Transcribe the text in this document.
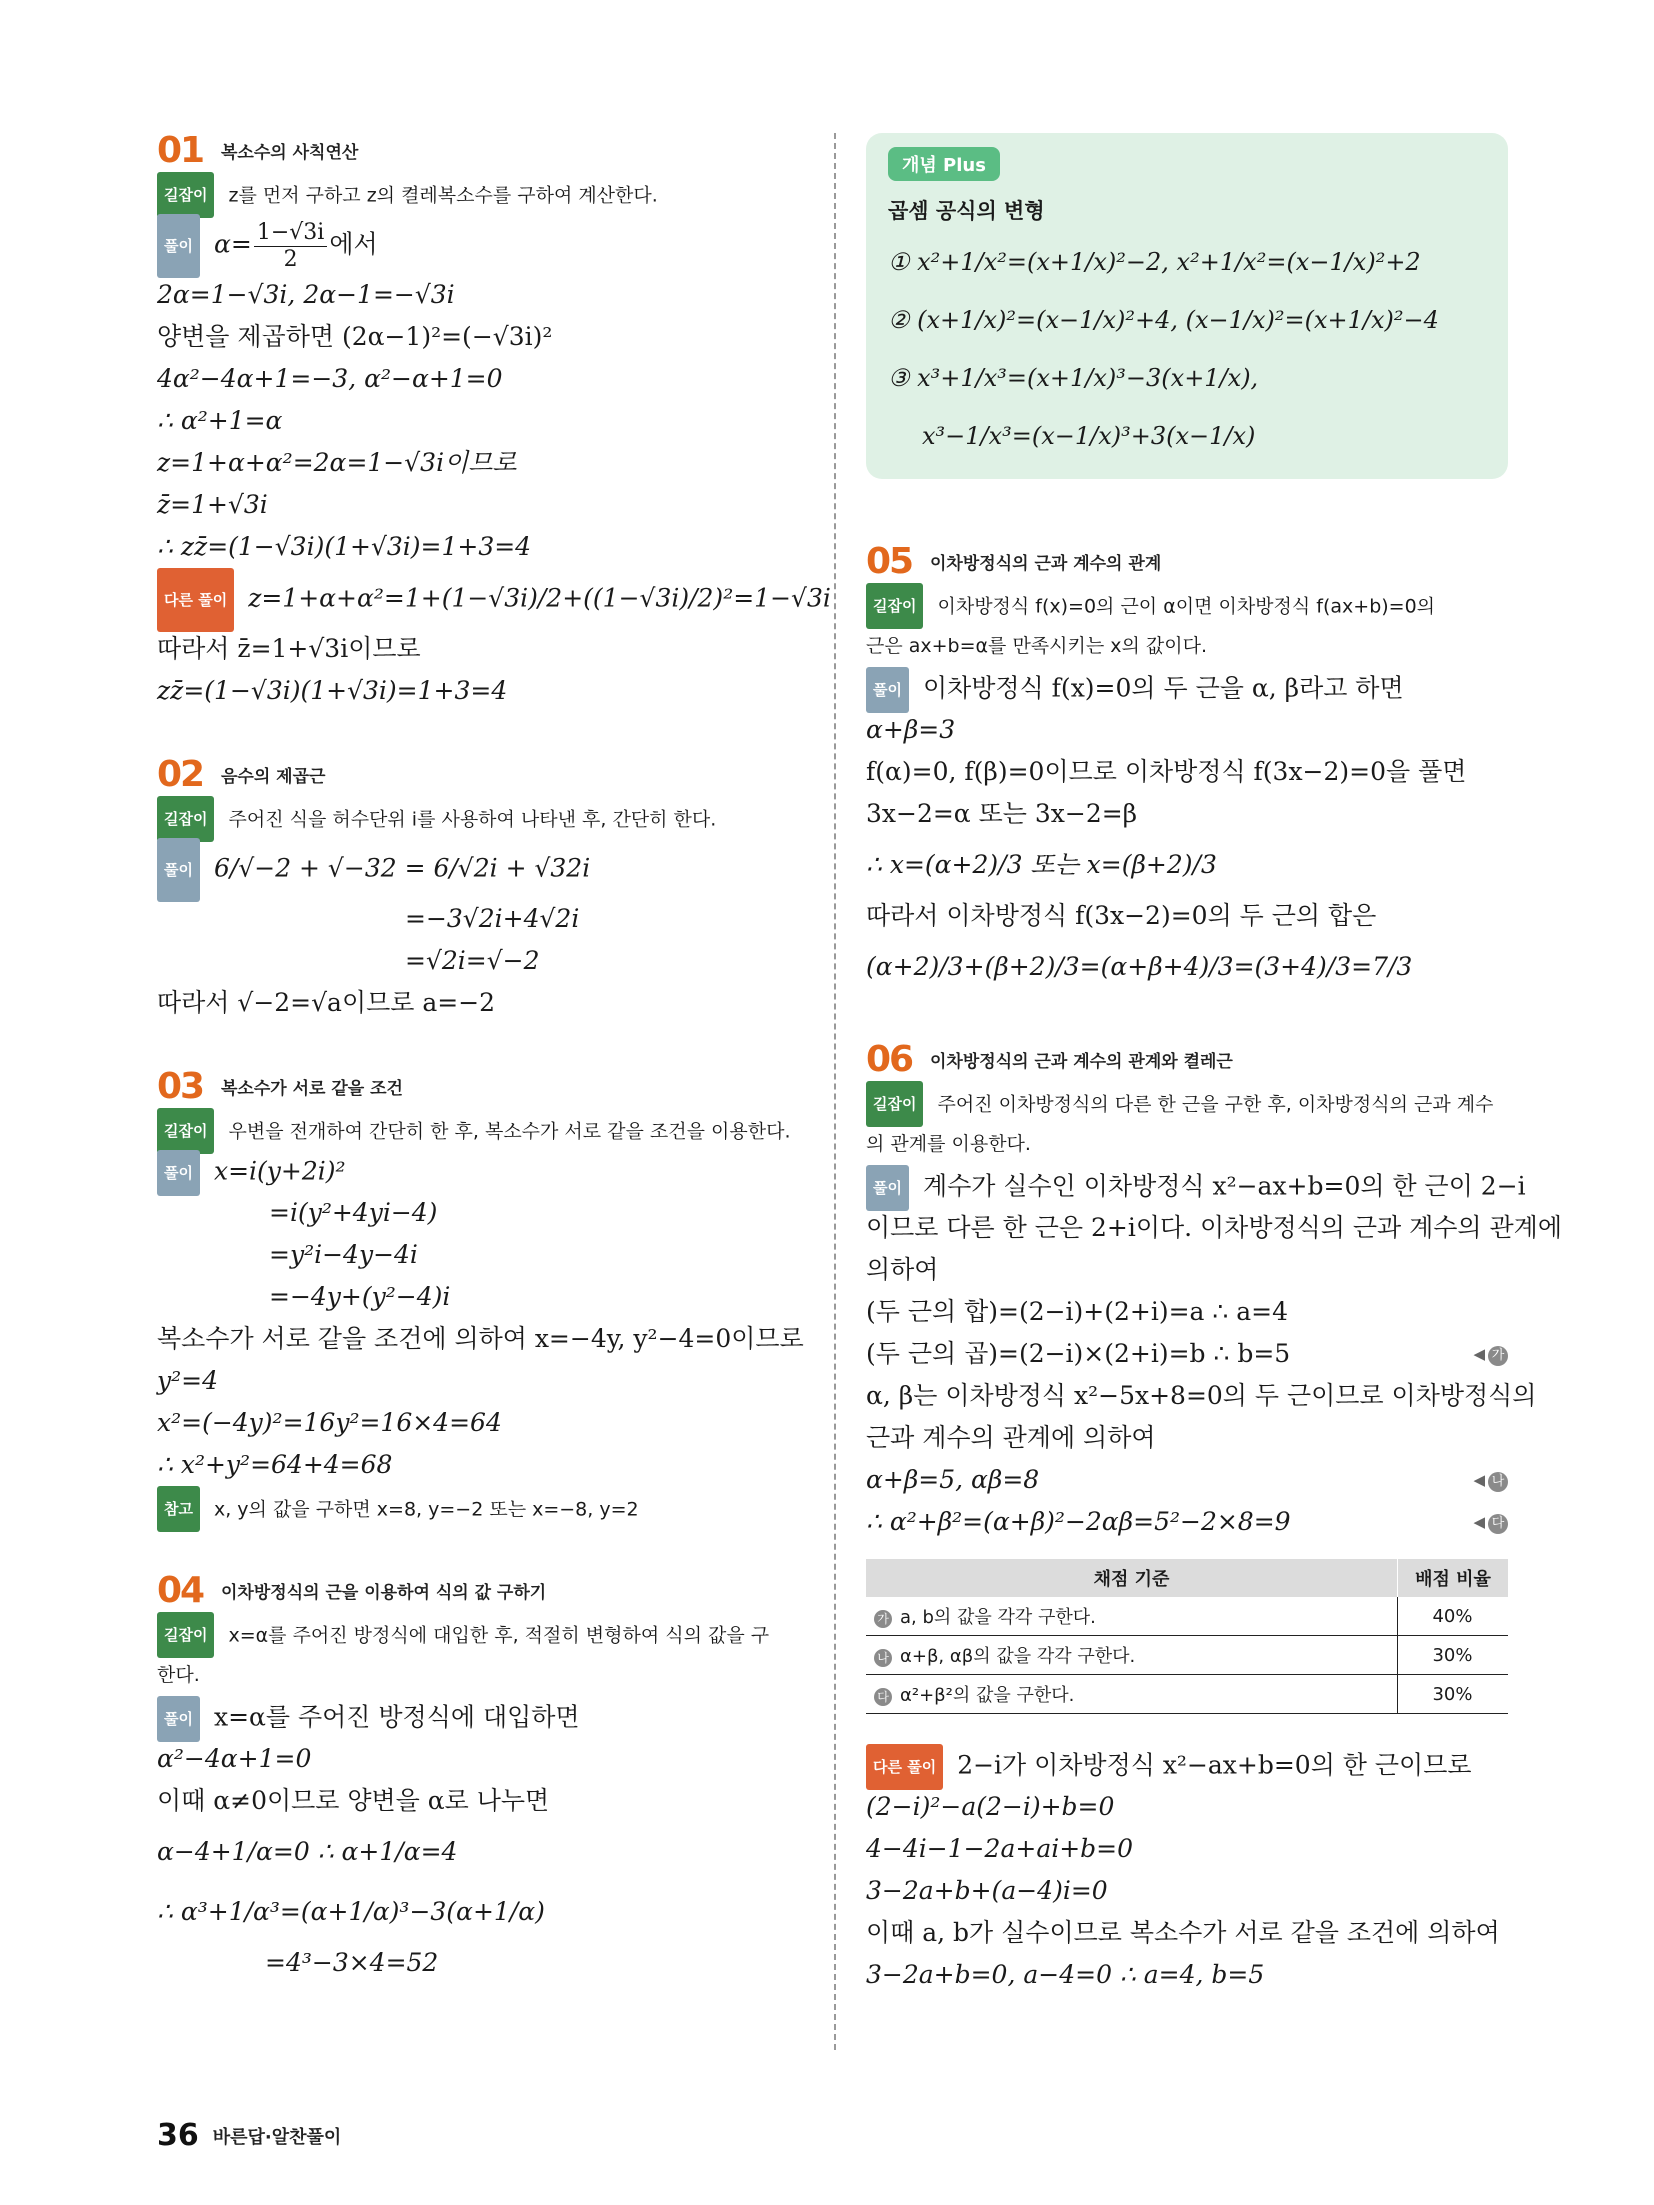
01	복소수의 사칙연산
길잡이 z를 먼저 구하고 z의 켤레복소수를 구하여 계산한다.
풀이 $\alpha= \frac{1-√3i}{2}$ 에서
2α=1−√3i, 2α−1=−√3i
양변을 제곱하면 (2α−1)²=(−√3i)²
4α²−4α+1=−3, α²−α+1=0
∴ α²+1=α
z=1+α+α²=2α=1−√3i이므로
z̄=1+√3i
∴ zz̄=(1−√3i)(1+√3i)=1+3=4
다른 풀이 z=1+α+α²=1+(1−√3i)/2+((1−√3i)/2)²=1−√3i
따라서 z̄=1+√3i이므로
zz̄=(1−√3i)(1+√3i)=1+3=4
02	음수의 제곱근
길잡이 주어진 식을 허수단위 i를 사용하여 나타낸 후, 간단히 한다.
풀이 6/√−2 + √−32 = 6/√2i + √32i
=−3√2i+4√2i
=√2i=√−2
따라서 √−2=√a이므로 a=−2
03	복소수가 서로 같을 조건
길잡이 우변을 전개하여 간단히 한 후, 복소수가 서로 같을 조건을 이용한다.
풀이 x=i(y+2i)²
=i(y²+4yi−4)
=y²i−4y−4i
=−4y+(y²−4)i
복소수가 서로 같을 조건에 의하여 x=−4y, y²−4=0이므로
y²=4
x²=(−4y)²=16y²=16×4=64
∴ x²+y²=64+4=68
참고 x, y의 값을 구하면 x=8, y=−2 또는 x=−8, y=2
04	이차방정식의 근을 이용하여 식의 값 구하기
길잡이 x=α를 주어진 방정식에 대입한 후, 적절히 변형하여 식의 값을 구
한다.
풀이 x=α를 주어진 방정식에 대입하면
α²−4α+1=0
이때 α≠0이므로 양변을 α로 나누면
α−4+1/α=0 ∴ α+1/α=4
∴ α³+1/α³=(α+1/α)³−3(α+1/α)
=4³−3×4=52
개념 Plus
곱셈 공식의 변형
① x²+1/x²=(x+1/x)²−2, x²+1/x²=(x−1/x)²+2
② (x+1/x)²=(x−1/x)²+4, (x−1/x)²=(x+1/x)²−4
③ x³+1/x³=(x+1/x)³−3(x+1/x),
x³−1/x³=(x−1/x)³+3(x−1/x)
05	이차방정식의 근과 계수의 관계
길잡이 이차방정식 f(x)=0의 근이 α이면 이차방정식 f(ax+b)=0의
근은 ax+b=α를 만족시키는 x의 값이다.
풀이 이차방정식 f(x)=0의 두 근을 α, β라고 하면
α+β=3
f(α)=0, f(β)=0이므로 이차방정식 f(3x−2)=0을 풀면
3x−2=α 또는 3x−2=β
∴ x=(α+2)/3 또는 x=(β+2)/3
따라서 이차방정식 f(3x−2)=0의 두 근의 합은
(α+2)/3+(β+2)/3=(α+β+4)/3=(3+4)/3=7/3
06	이차방정식의 근과 계수의 관계와 켤레근
길잡이 주어진 이차방정식의 다른 한 근을 구한 후, 이차방정식의 근과 계수
의 관계를 이용한다.
풀이 계수가 실수인 이차방정식 x²−ax+b=0의 한 근이 2−i
이므로 다른 한 근은 2+i이다. 이차방정식의 근과 계수의 관계에
의하여
(두 근의 합)=(2−i)+(2+i)=a ∴ a=4
(두 근의 곱)=(2−i)×(2+i)=b ∴ b=5	◀ 가
α, β는 이차방정식 x²−5x+8=0의 두 근이므로 이차방정식의
근과 계수의 관계에 의하여
α+β=5, αβ=8	◀ 나
∴ α²+β²=(α+β)²−2αβ=5²−2×8=9	◀ 다
채점 기준	배점 비율
가 a, b의 값을 각각 구한다.	40%
나 α+β, αβ의 값을 각각 구한다.	30%
다 α²+β²의 값을 구한다.	30%
다른 풀이 2−i가 이차방정식 x²−ax+b=0의 한 근이므로
(2−i)²−a(2−i)+b=0
4−4i−1−2a+ai+b=0
3−2a+b+(a−4)i=0
이때 a, b가 실수이므로 복소수가 서로 같을 조건에 의하여
3−2a+b=0, a−4=0 ∴ a=4, b=5
36 바른답·알찬풀이
